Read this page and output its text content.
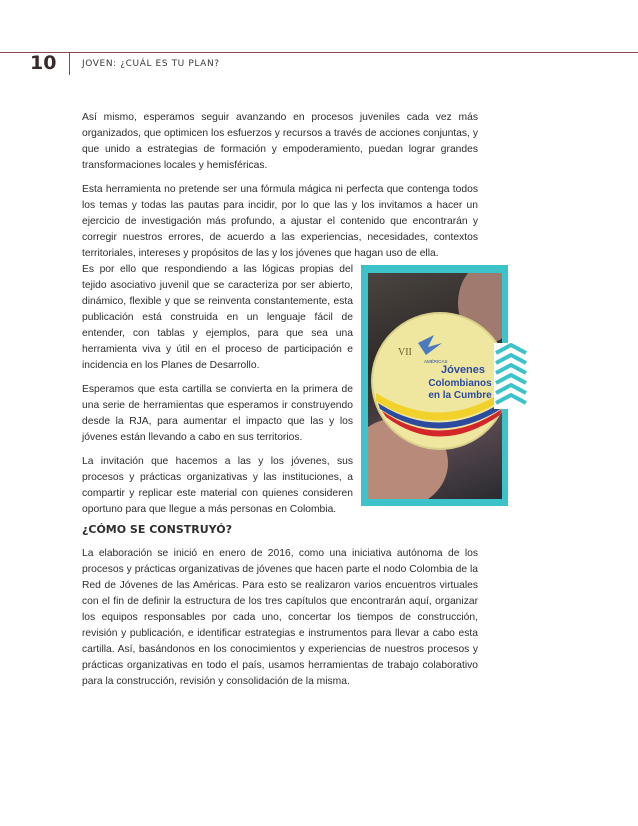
10	JOVEN: ¿CUÁL ES TU PLAN?

Así mismo, esperamos seguir avanzando en procesos juveniles cada vez más organizados, que optimicen los esfuerzos y recursos a través de acciones conjuntas, y que unido a estrategias de formación y empoderamiento, puedan lograr grandes transformaciones locales y hemisféricas.

Esta herramienta no pretende ser una fórmula mágica ni perfecta que contenga todos los temas y todas las pautas para incidir, por lo que las y los invitamos a hacer un ejercicio de investigación más profundo, a ajustar el contenido que encontrarán y corregir nuestros errores, de acuerdo a las experiencias, necesidades, contextos territoriales, intereses y propósitos de las y los jóvenes que hagan uso de ella.

Es por ello que respondiendo a las lógicas propias del tejido asociativo juvenil que se caracteriza por ser abierto, dinámico, flexible y que se reinventa constantemente, esta publicación está construida en un lenguaje fácil de entender, con tablas y ejemplos, para que sea una herramienta viva y útil en el proceso de participación e incidencia en los Planes de Desarrollo.

Esperamos que esta cartilla se convierta en la primera de una serie de herramientas que esperamos ir construyendo desde la RJA, para aumentar el impacto que las y los jóvenes están llevando a cabo en sus territorios.

La invitación que hacemos a las y los jóvenes, sus procesos y prácticas organizativas y las instituciones, a compartir y replicar este material con quienes consideren oportuno para que llegue a más personas en Colombia.

VII
AMÉRICAS
Jóvenes
Colombianos
en la Cumbre
¿CÓMO SE CONSTRUYÓ?

La elaboración se inició en enero de 2016, como una iniciativa autónoma de los procesos y prácticas organizativas de jóvenes que hacen parte el nodo Colombia de la Red de Jóvenes de las Américas. Para esto se realizaron varios encuentros virtuales con el fin de definir la estructura de los tres capítulos que encontrarán aquí, organizar los equipos responsables por cada uno, concertar los tiempos de construcción, revisión y publicación, e identificar estrategias e instrumentos para llevar a cabo esta cartilla. Así, basándonos en los conocimientos y experiencias de nuestros procesos y prácticas organizativas en todo el país, usamos herramientas de trabajo colaborativo para la construcción, revisión y consolidación de la misma.
